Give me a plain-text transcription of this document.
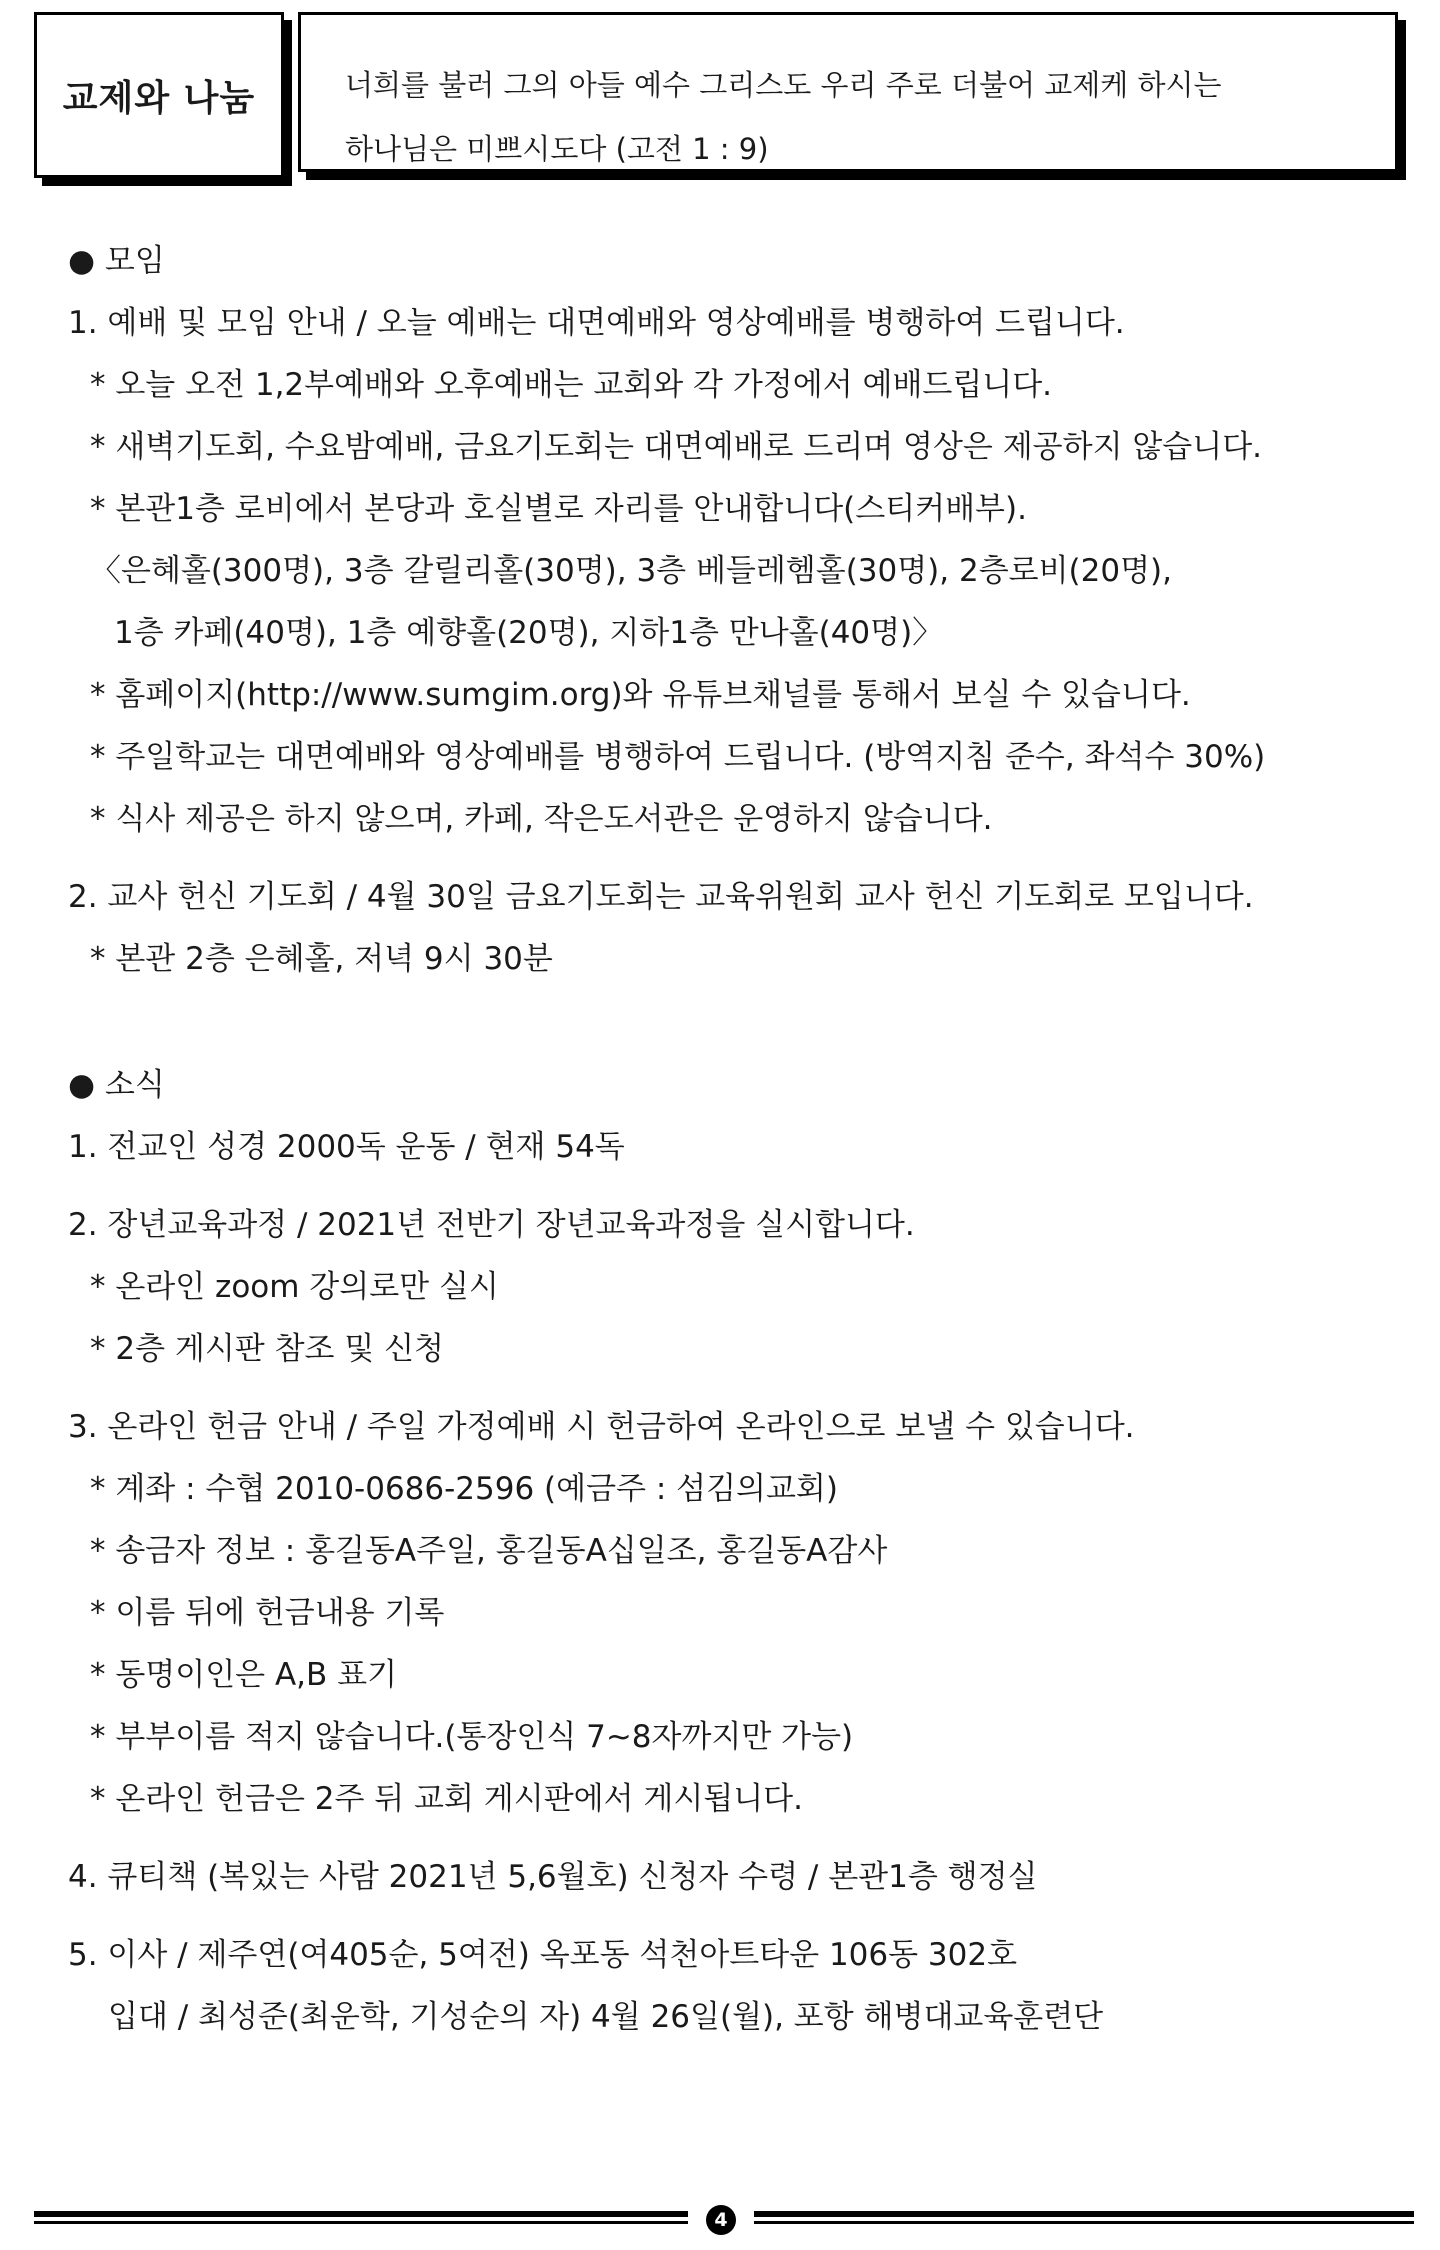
교제와 나눔	너희를 불러 그의 아들 예수 그리스도 우리 주로 더불어 교제케 하시는
하나님은 미쁘시도다 (고전 1 : 9)
● 모임
1. 예배 및 모임 안내 / 오늘 예배는 대면예배와 영상예배를 병행하여 드립니다.
* 오늘 오전 1,2부예배와 오후예배는 교회와 각 가정에서 예배드립니다.
* 새벽기도회, 수요밤예배, 금요기도회는 대면예배로 드리며 영상은 제공하지 않습니다.
* 본관1층 로비에서 본당과 호실별로 자리를 안내합니다(스티커배부).
〈은혜홀(300명), 3층 갈릴리홀(30명), 3층 베들레헴홀(30명), 2층로비(20명),
1층 카페(40명), 1층 예향홀(20명), 지하1층 만나홀(40명)〉
* 홈페이지(http://www.sumgim.org)와 유튜브채널를 통해서 보실 수 있습니다.
* 주일학교는 대면예배와 영상예배를 병행하여 드립니다. (방역지침 준수, 좌석수 30%)
* 식사 제공은 하지 않으며, 카페, 작은도서관은 운영하지 않습니다.
2. 교사 헌신 기도회 / 4월 30일 금요기도회는 교육위원회 교사 헌신 기도회로 모입니다.
* 본관 2층 은혜홀, 저녁 9시 30분
● 소식
1. 전교인 성경 2000독 운동 / 현재 54독
2. 장년교육과정 / 2021년 전반기 장년교육과정을 실시합니다.
* 온라인 zoom 강의로만 실시
* 2층 게시판 참조 및 신청
3. 온라인 헌금 안내 / 주일 가정예배 시 헌금하여 온라인으로 보낼 수 있습니다.
* 계좌 : 수협 2010-0686-2596 (예금주 : 섬김의교회)
* 송금자 정보 : 홍길동A주일, 홍길동A십일조, 홍길동A감사
* 이름 뒤에 헌금내용 기록
* 동명이인은 A,B 표기
* 부부이름 적지 않습니다.(통장인식 7~8자까지만 가능)
* 온라인 헌금은 2주 뒤 교회 게시판에서 게시됩니다.
4. 큐티책 (복있는 사람 2021년 5,6월호) 신청자 수령 / 본관1층 행정실
5. 이사 / 제주연(여405순, 5여전) 옥포동 석천아트타운 106동 302호
입대 / 최성준(최운학, 기성순의 자) 4월 26일(월), 포항 해병대교육훈련단
4
